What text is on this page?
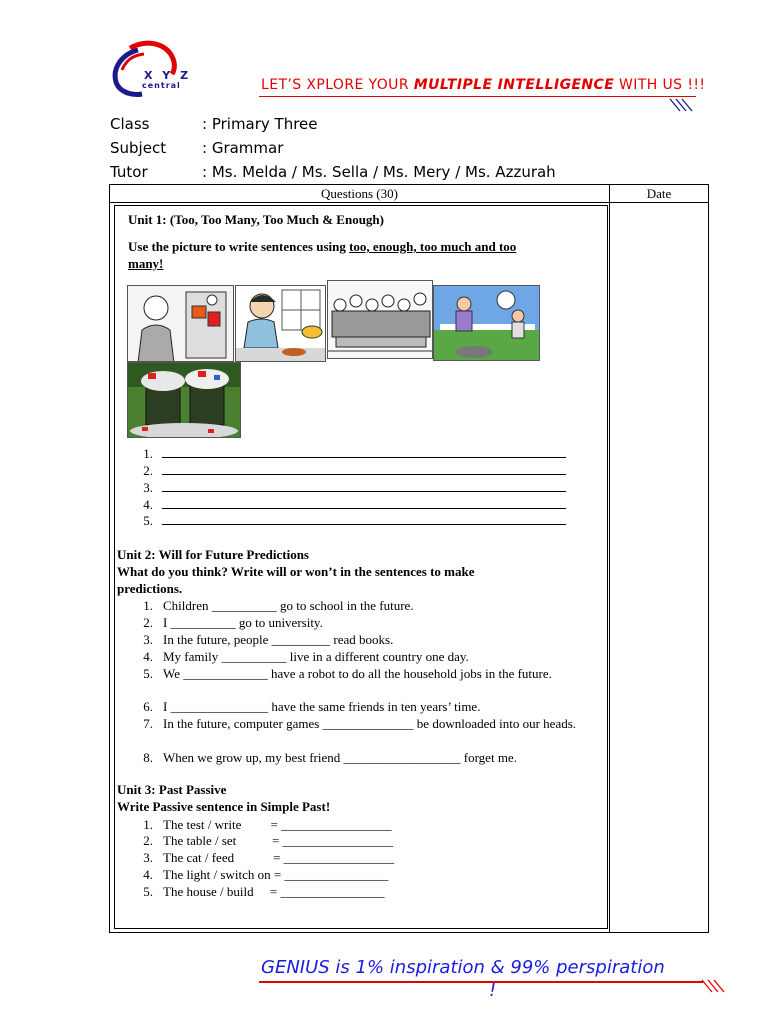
X Y Z
central	LET’S XPLORE YOUR MULTIPLE INTELLIGENCE WITH US !!!
Class	: Primary Three
Subject : Grammar
Tutor	: Ms. Melda / Ms. Sella / Ms. Mery / Ms. Azzurah
Questions (30)	Date
Unit 1: (Too, Too Many, Too Much & Enough)
Use the picture to write sentences using too, enough, too much and too
many!
1.
2.
3.
4.
5.
Unit 2: Will for Future Predictions
What do you think? Write will or won’t in the sentences to make
predictions.
1. Children __________ go to school in the future.
2. I __________ go to university.
3. In the future, people _________ read books.
4. My family __________ live in a different country one day.
5. We _____________ have a robot to do all the household jobs in the future.
6. I _______________ have the same friends in ten years’ time.
7. In the future, computer games ______________ be downloaded into our heads.
8. When we grow up, my best friend __________________ forget me.
Unit 3: Past Passive
Write Passive sentence in Simple Past!
1. The test / write         = _________________
2. The table / set           = _________________
3. The cat / feed            = _________________
4. The light / switch on = ________________
5. The house / build     = ________________
GENIUS is 1% inspiration & 99% perspiration
!
